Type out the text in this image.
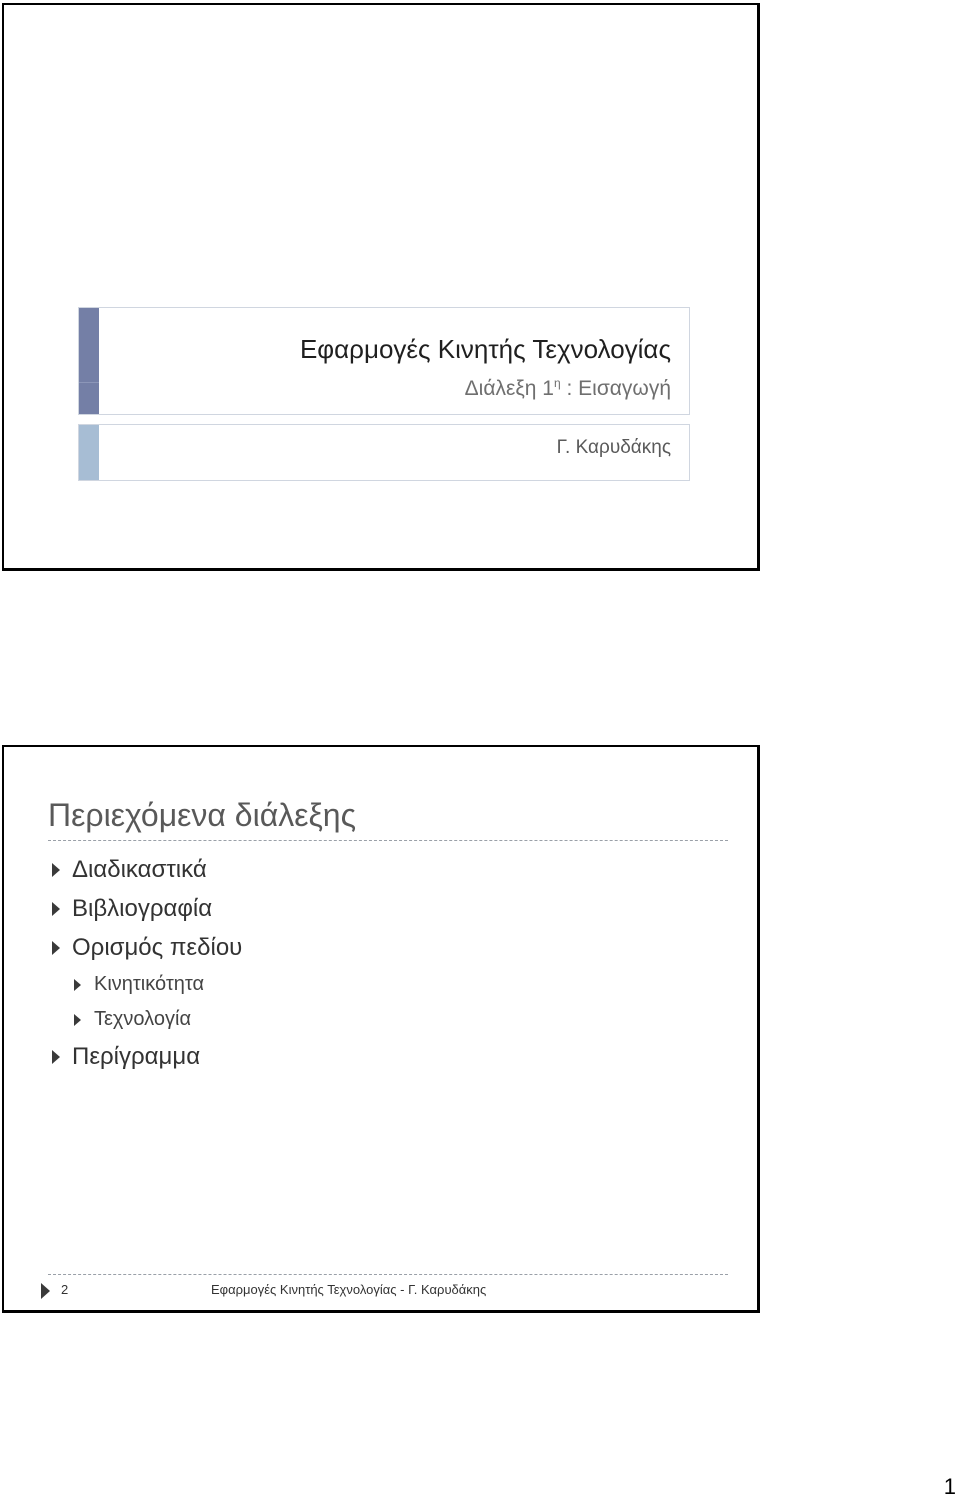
Εφαρμογές Κινητής Τεχνολογίας
Διάλεξη $1^\eta$ : Εισαγωγή
Γ. Καρυδάκης
Περιεχόμενα διάλεξης
Διαδικαστικά
Βιβλιογραφία
Ορισμός πεδίου
Κινητικότητα
Τεχνολογία
Περίγραμμα
2	Εφαρμογές Κινητής Τεχνολογίας - Γ. Καρυδάκης
1
